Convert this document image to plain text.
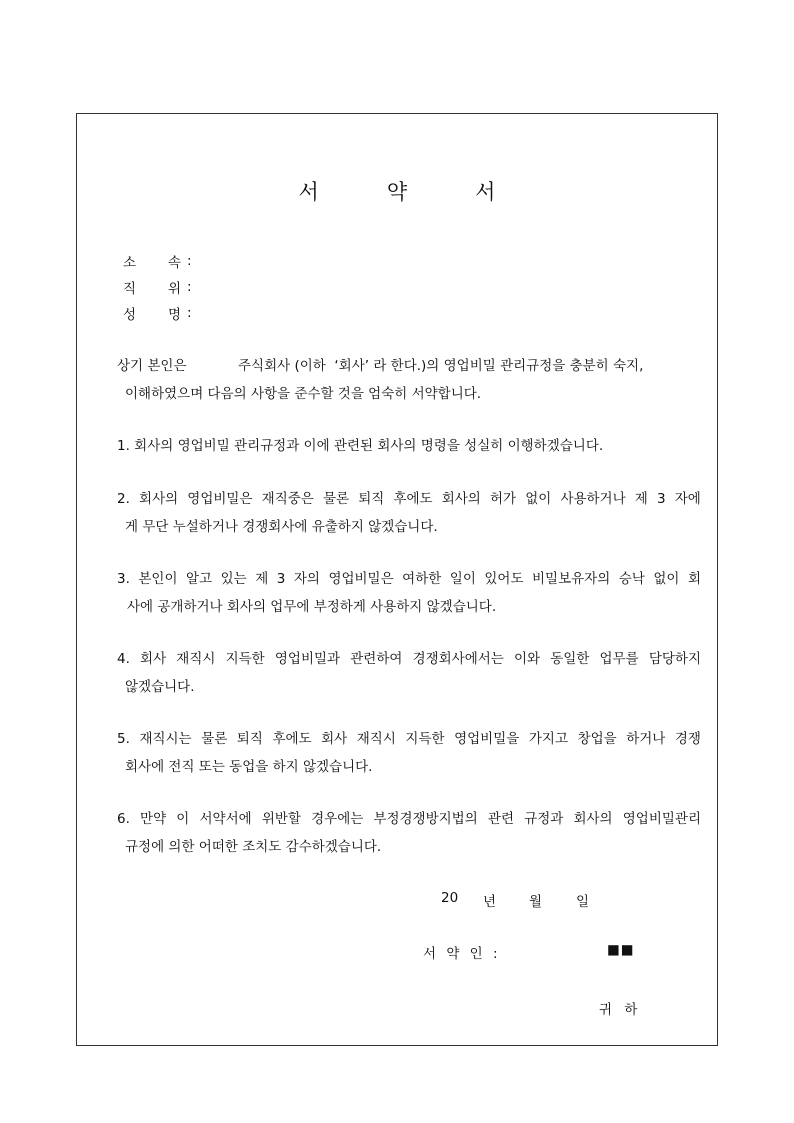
서	약	서
소 속 :
직 위 :
성 명 :
상기 본인은            주식회사 (이하  ‘회사’ 라 한다.)의 영업비밀 관리규정을 충분히 숙지,
이해하였으며 다음의 사항을 준수할 것을 엄숙히 서약합니다.
1. 회사의 영업비밀 관리규정과 이에 관련된 회사의 명령을 성실히 이행하겠습니다.
2. 회사의 영업비밀은 재직중은 물론 퇴직 후에도 회사의 허가 없이 사용하거나 제 3 자에
게 무단 누설하거나 경쟁회사에 유출하지 않겠습니다.
3. 본인이 알고 있는 제 3 자의 영업비밀은 여하한 일이 있어도 비밀보유자의 승낙 없이 회
사에 공개하거나 회사의 업무에 부정하게 사용하지 않겠습니다.
4. 회사 재직시 지득한 영업비밀과 관련하여 경쟁회사에서는 이와 동일한 업무를 담당하지
않겠습니다.
5. 재직시는 물론 퇴직 후에도 회사 재직시 지득한 영업비밀을 가지고 창업을 하거나 경쟁
회사에 전직 또는 동업을 하지 않겠습니다.
6. 만약 이 서약서에 위반할 경우에는 부정경쟁방지법의 관련 규정과 회사의 영업비밀관리
규정에 의한 어떠한 조치도 감수하겠습니다.
20 년 월	일
서 약 인 :	■■
귀 하
